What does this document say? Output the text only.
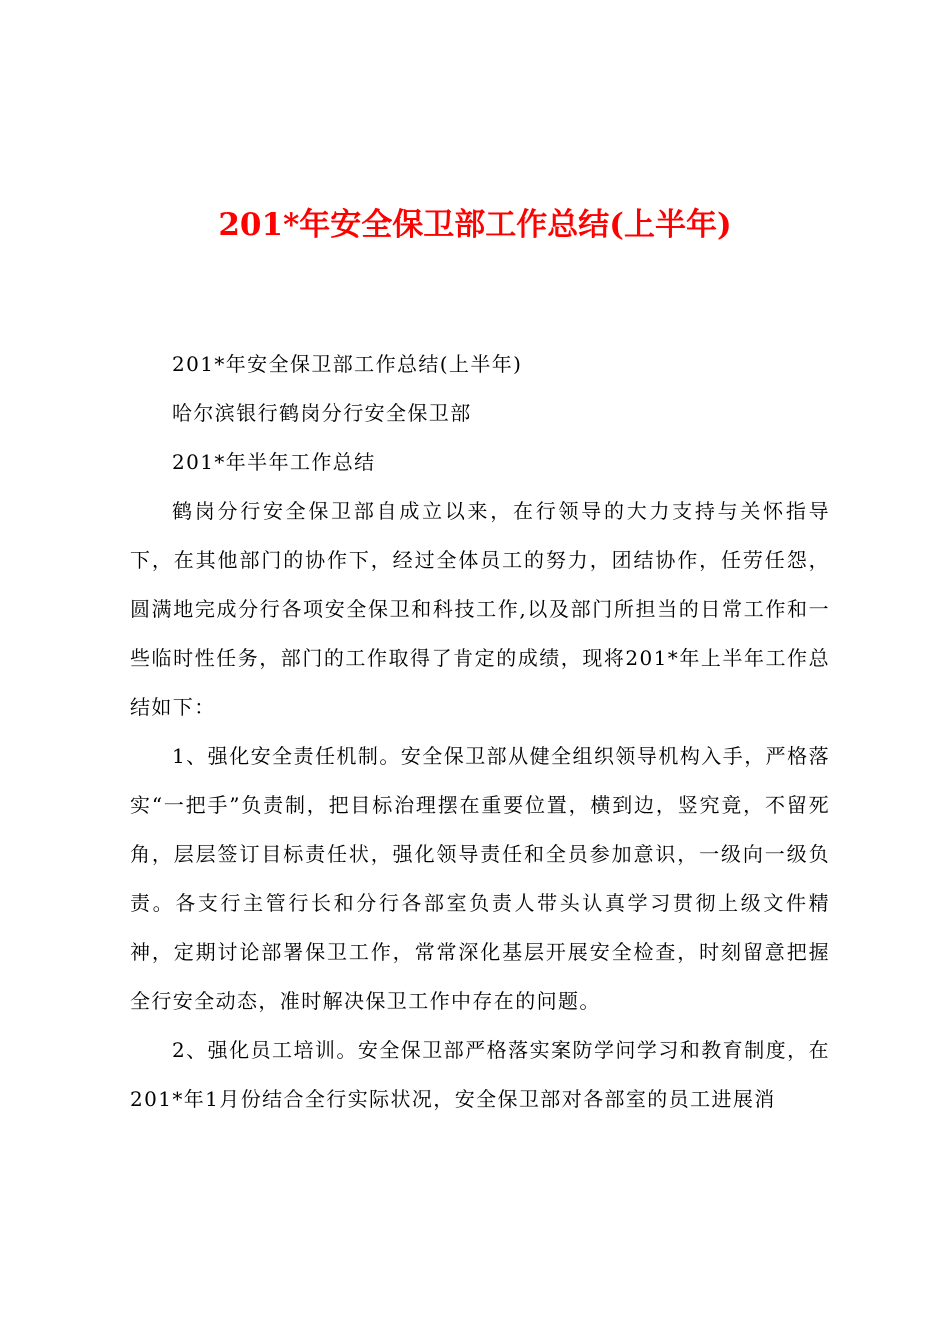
201*年安全保卫部工作总结(上半年)

201*年安全保卫部工作总结(上半年)

哈尔滨银行鹤岗分行安全保卫部

201*年半年工作总结

鹤岗分行安全保卫部自成立以来，在行领导的大力支持与关怀指导下，在其他部门的协作下，经过全体员工的努力，团结协作，任劳任怨，圆满地完成分行各项安全保卫和科技工作,以及部门所担当的日常工作和一些临时性任务，部门的工作取得了肯定的成绩，现将201*年上半年工作总结如下：

1、强化安全责任机制。安全保卫部从健全组织领导机构入手，严格落实“一把手”负责制，把目标治理摆在重要位置，横到边，竖究竟，不留死角，层层签订目标责任状，强化领导责任和全员参加意识，一级向一级负责。各支行主管行长和分行各部室负责人带头认真学习贯彻上级文件精神，定期讨论部署保卫工作，常常深化基层开展安全检查，时刻留意把握全行安全动态，准时解决保卫工作中存在的问题。

2、强化员工培训。安全保卫部严格落实案防学问学习和教育制度，在201*年1月份结合全行实际状况，安全保卫部对各部室的员工进展消
